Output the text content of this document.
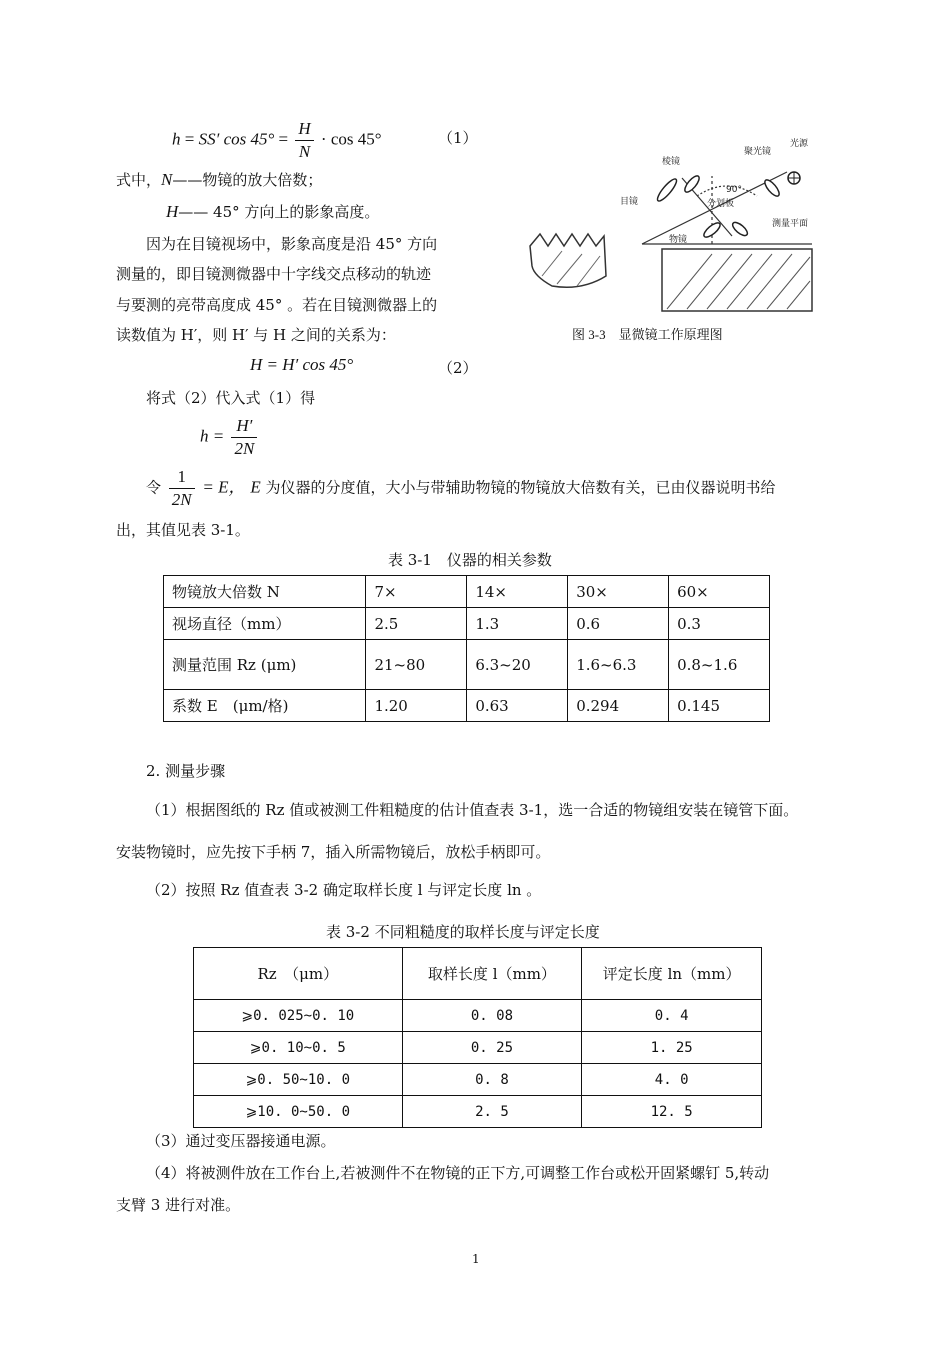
h = SS′ $\cos 45^\circ = \frac{H}{N} \cdot \cos 45^\circ$	（1）
式中，N——物镜的放大倍数；
H—— 45° 方向上的影象高度。
因为在目镜视场中，影象高度是沿 45° 方向
测量的，即目镜测微器中十字线交点移动的轨迹
与要测的亮带高度成 45° 。若在目镜测微器上的
读数值为 H′，则 H′ 与 H 之间的关系为：
H = H′ cos 45°	（2）
将式（2）代入式（1）得
$h = \frac{H'}{2N}$
令 $\frac{1}{2N} = E$， E 为仪器的分度值，大小与带辅助物镜的物镜放大倍数有关，已由仪器说明书给
出，其值见表 3-1。
光源
聚光镜
棱镜
目镜
90°
分划板
物镜
测量平面
图 3-3　显微镜工作原理图
表 3-1　仪器的相关参数
物镜放大倍数 N	7×	14×	30×	60×
视场直径（mm）	2.5	1.3	0.6	0.3
测量范围 Rz (μm)	21~80	6.3~20	1.6~6.3	0.8~1.6
系数 E　(μm/格)	1.20	0.63	0.294	0.145
2. 测量步骤
（1）根据图纸的 Rz 值或被测工件粗糙度的估计值查表 3-1，选一合适的物镜组安装在镜管下面。
安装物镜时，应先按下手柄 7，插入所需物镜后，放松手柄即可。
（2）按照 Rz 值查表 3-2 确定取样长度 l 与评定长度 ln 。
表 3-2 不同粗糙度的取样长度与评定长度
Rz　（μm）	取样长度 l（mm）	评定长度 ln（mm）
⩾0. 025~0. 10	0. 08	0. 4
⩾0. 10~0. 5	0. 25	1. 25
⩾0. 50~10. 0	0. 8	4. 0
⩾10. 0~50. 0	2. 5	12. 5
（3）通过变压器接通电源。
（4）将被测件放在工作台上,若被测件不在物镜的正下方,可调整工作台或松开固紧螺钉 5,转动
支臂 3 进行对准。
1
